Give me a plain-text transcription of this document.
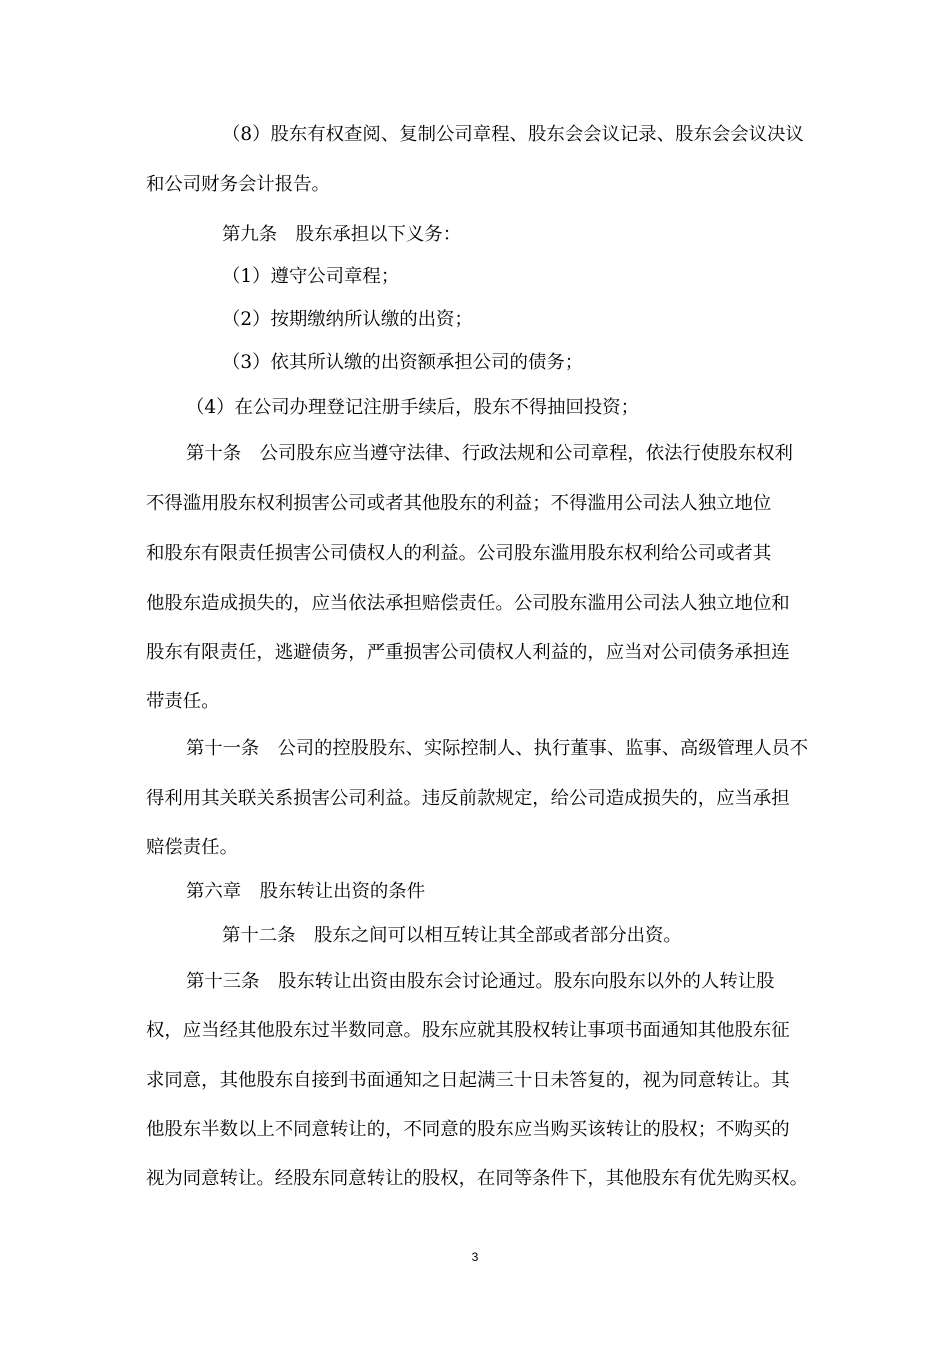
（8）股东有权查阅、复制公司章程、股东会会议记录、股东会会议决议
和公司财务会计报告。
第九条　股东承担以下义务：
（1）遵守公司章程；
（2）按期缴纳所认缴的出资；
（3）依其所认缴的出资额承担公司的债务；
（4）在公司办理登记注册手续后，股东不得抽回投资；
第十条　公司股东应当遵守法律、行政法规和公司章程，依法行使股东权利
不得滥用股东权利损害公司或者其他股东的利益；不得滥用公司法人独立地位
和股东有限责任损害公司债权人的利益。公司股东滥用股东权利给公司或者其
他股东造成损失的，应当依法承担赔偿责任。公司股东滥用公司法人独立地位和
股东有限责任，逃避债务，严重损害公司债权人利益的，应当对公司债务承担连
带责任。
第十一条　公司的控股股东、实际控制人、执行董事、监事、高级管理人员不
得利用其关联关系损害公司利益。违反前款规定，给公司造成损失的，应当承担
赔偿责任。
第六章　股东转让出资的条件
第十二条　股东之间可以相互转让其全部或者部分出资。
第十三条　股东转让出资由股东会讨论通过。股东向股东以外的人转让股
权，应当经其他股东过半数同意。股东应就其股权转让事项书面通知其他股东征
求同意，其他股东自接到书面通知之日起满三十日未答复的，视为同意转让。其
他股东半数以上不同意转让的，不同意的股东应当购买该转让的股权；不购买的
视为同意转让。经股东同意转让的股权，在同等条件下，其他股东有优先购买权。
3
